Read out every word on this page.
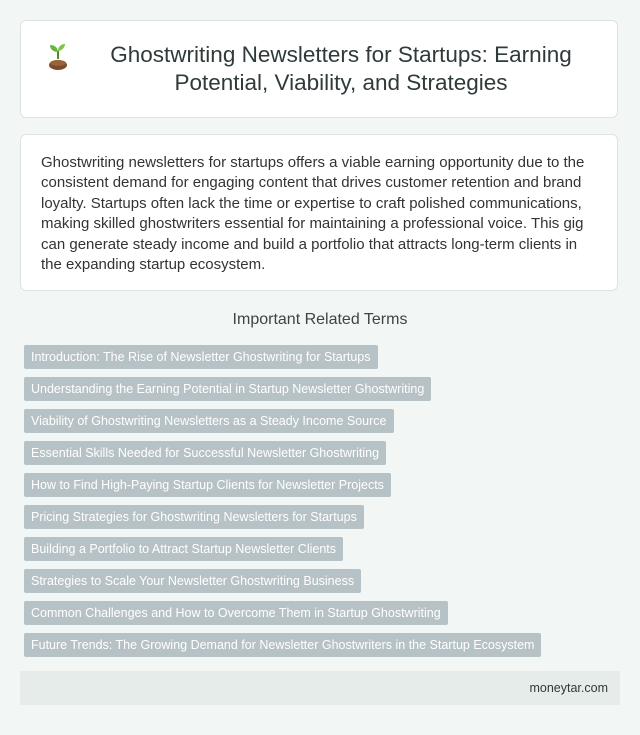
Ghostwriting Newsletters for Startups: Earning Potential, Viability, and Strategies

Ghostwriting newsletters for startups offers a viable earning opportunity due to the consistent demand for engaging content that drives customer retention and brand loyalty. Startups often lack the time or expertise to craft polished communications, making skilled ghostwriters essential for maintaining a professional voice. This gig can generate steady income and build a portfolio that attracts long-term clients in the expanding startup ecosystem.

Important Related Terms
Introduction: The Rise of Newsletter Ghostwriting for Startups
Understanding the Earning Potential in Startup Newsletter Ghostwriting
Viability of Ghostwriting Newsletters as a Steady Income Source
Essential Skills Needed for Successful Newsletter Ghostwriting
How to Find High-Paying Startup Clients for Newsletter Projects
Pricing Strategies for Ghostwriting Newsletters for Startups
Building a Portfolio to Attract Startup Newsletter Clients
Strategies to Scale Your Newsletter Ghostwriting Business
Common Challenges and How to Overcome Them in Startup Ghostwriting
Future Trends: The Growing Demand for Newsletter Ghostwriters in the Startup Ecosystem
moneytar.com
